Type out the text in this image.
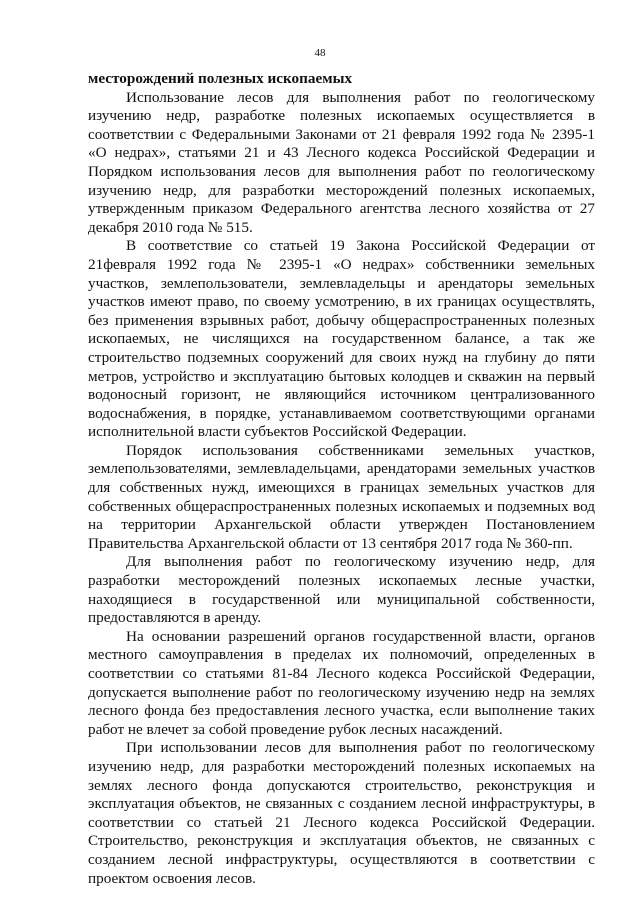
48

месторождений полезных ископаемых

Использование лесов для выполнения работ по геологическому изучению недр, разработке полезных ископаемых осуществляется в соответствии с Федеральными Законами от 21 февраля 1992 года № 2395-1 «О недрах», статьями 21 и 43 Лесного кодекса Российской Федерации и Порядком использования лесов для выполнения работ по геологическому изучению недр, для разработки месторождений полезных ископаемых, утвержденным приказом Федерального агентства лесного хозяйства от 27 декабря 2010 года № 515.

В соответствие со статьей 19 Закона Российской Федерации от 21февраля 1992 года № 2395-1 «О недрах» собственники земельных участков, землепользователи, землевладельцы и арендаторы земельных участков имеют право, по своему усмотрению, в их границах осуществлять, без применения взрывных работ, добычу общераспространенных полезных ископаемых, не числящихся на государственном балансе, а так же строительство подземных сооружений для своих нужд на глубину до пяти метров, устройство и эксплуатацию бытовых колодцев и скважин на первый водоносный горизонт, не являющийся источником централизованного водоснабжения, в порядке, устанавливаемом соответствующими органами исполнительной власти субъектов Российской Федерации.

Порядок использования собственниками земельных участков, землепользователями, землевладельцами, арендаторами земельных участков для собственных нужд, имеющихся в границах земельных участков для собственных общераспространенных полезных ископаемых и подземных вод на территории Архангельской области утвержден Постановлением Правительства Архангельской области от 13 сентября 2017 года № 360-пп.

Для выполнения работ по геологическому изучению недр, для разработки месторождений полезных ископаемых лесные участки, находящиеся в государственной или муниципальной собственности, предоставляются в аренду.

На основании разрешений органов государственной власти, органов местного самоуправления в пределах их полномочий, определенных в соответствии со статьями 81-84 Лесного кодекса Российской Федерации, допускается выполнение работ по геологическому изучению недр на землях лесного фонда без предоставления лесного участка, если выполнение таких работ не влечет за собой проведение рубок лесных насаждений.

При использовании лесов для выполнения работ по геологическому изучению недр, для разработки месторождений полезных ископаемых на землях лесного фонда допускаются строительство, реконструкция и эксплуатация объектов, не связанных с созданием лесной инфраструктуры, в соответствии со статьей 21 Лесного кодекса Российской Федерации. Строительство, реконструкция и эксплуатация объектов, не связанных с созданием лесной инфраструктуры, осуществляются в соответствии с проектом освоения лесов.
